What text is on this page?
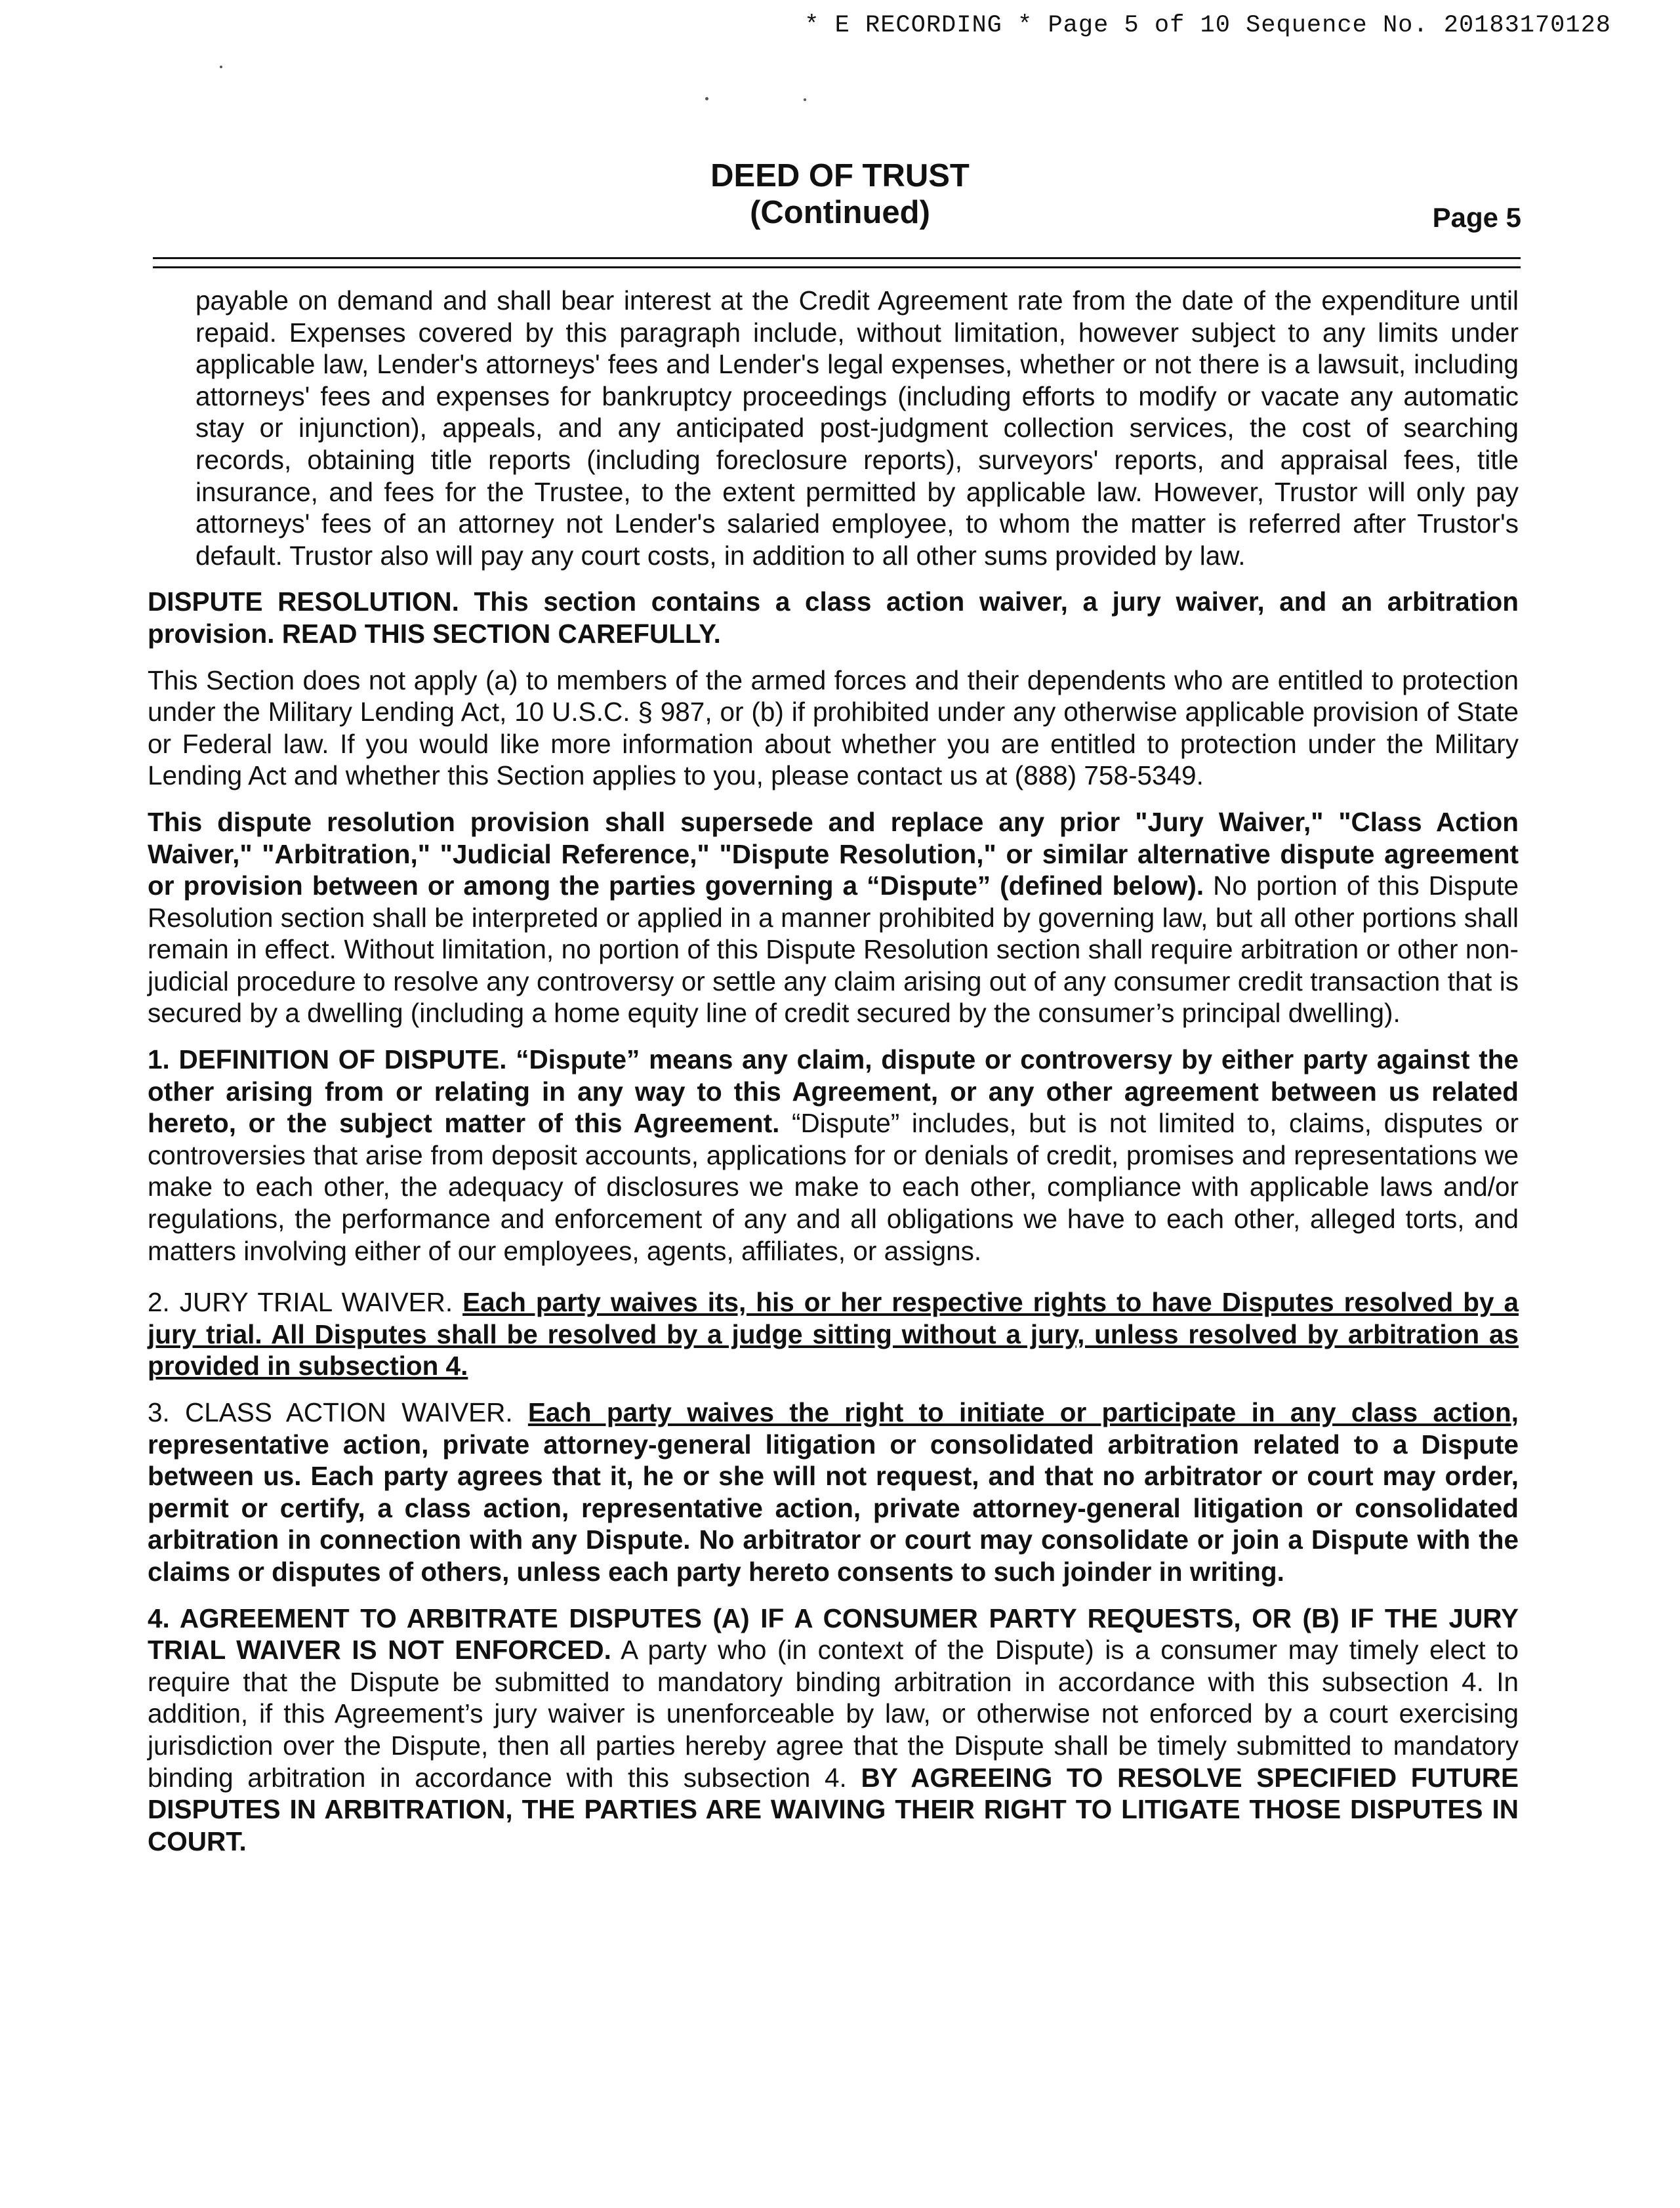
* E RECORDING * Page 5 of 10 Sequence No. 20183170128
DEED OF TRUST
(Continued)	Page 5

payable on demand and shall bear interest at the Credit Agreement rate from the date of the expenditure until repaid. Expenses covered by this paragraph include, without limitation, however subject to any limits under applicable law, Lender's attorneys' fees and Lender's legal expenses, whether or not there is a lawsuit, including attorneys' fees and expenses for bankruptcy proceedings (including efforts to modify or vacate any automatic stay or injunction), appeals, and any anticipated post-judgment collection services, the cost of searching records, obtaining title reports (including foreclosure reports), surveyors' reports, and appraisal fees, title insurance, and fees for the Trustee, to the extent permitted by applicable law. However, Trustor will only pay attorneys' fees of an attorney not Lender's salaried employee, to whom the matter is referred after Trustor's default. Trustor also will pay any court costs, in addition to all other sums provided by law.

DISPUTE RESOLUTION. This section contains a class action waiver, a jury waiver, and an arbitration provision. READ THIS SECTION CAREFULLY.

This Section does not apply (a) to members of the armed forces and their dependents who are entitled to protection under the Military Lending Act, 10 U.S.C. § 987, or (b) if prohibited under any otherwise applicable provision of State or Federal law. If you would like more information about whether you are entitled to protection under the Military Lending Act and whether this Section applies to you, please contact us at (888) 758-5349.

This dispute resolution provision shall supersede and replace any prior "Jury Waiver," "Class Action Waiver," "Arbitration," "Judicial Reference," "Dispute Resolution," or similar alternative dispute agreement or provision between or among the parties governing a “Dispute” (defined below). No portion of this Dispute Resolution section shall be interpreted or applied in a manner prohibited by governing law, but all other portions shall remain in effect. Without limitation, no portion of this Dispute Resolution section shall require arbitration or other non-judicial procedure to resolve any controversy or settle any claim arising out of any consumer credit transaction that is secured by a dwelling (including a home equity line of credit secured by the consumer’s principal dwelling).

1. DEFINITION OF DISPUTE. “Dispute” means any claim, dispute or controversy by either party against the other arising from or relating in any way to this Agreement, or any other agreement between us related hereto, or the subject matter of this Agreement. “Dispute” includes, but is not limited to, claims, disputes or controversies that arise from deposit accounts, applications for or denials of credit, promises and representations we make to each other, the adequacy of disclosures we make to each other, compliance with applicable laws and/or regulations, the performance and enforcement of any and all obligations we have to each other, alleged torts, and matters involving either of our employees, agents, affiliates, or assigns.

2. JURY TRIAL WAIVER. Each party waives its, his or her respective rights to have Disputes resolved by a jury trial. All Disputes shall be resolved by a judge sitting without a jury, unless resolved by arbitration as provided in subsection 4.

3. CLASS ACTION WAIVER. Each party waives the right to initiate or participate in any class action, representative action, private attorney-general litigation or consolidated arbitration related to a Dispute between us. Each party agrees that it, he or she will not request, and that no arbitrator or court may order, permit or certify, a class action, representative action, private attorney-general litigation or consolidated arbitration in connection with any Dispute. No arbitrator or court may consolidate or join a Dispute with the claims or disputes of others, unless each party hereto consents to such joinder in writing.

4. AGREEMENT TO ARBITRATE DISPUTES (A) IF A CONSUMER PARTY REQUESTS, OR (B) IF THE JURY TRIAL WAIVER IS NOT ENFORCED. A party who (in context of the Dispute) is a consumer may timely elect to require that the Dispute be submitted to mandatory binding arbitration in accordance with this subsection 4. In addition, if this Agreement’s jury waiver is unenforceable by law, or otherwise not enforced by a court exercising jurisdiction over the Dispute, then all parties hereby agree that the Dispute shall be timely submitted to mandatory binding arbitration in accordance with this subsection 4. BY AGREEING TO RESOLVE SPECIFIED FUTURE DISPUTES IN ARBITRATION, THE PARTIES ARE WAIVING THEIR RIGHT TO LITIGATE THOSE DISPUTES IN COURT.
